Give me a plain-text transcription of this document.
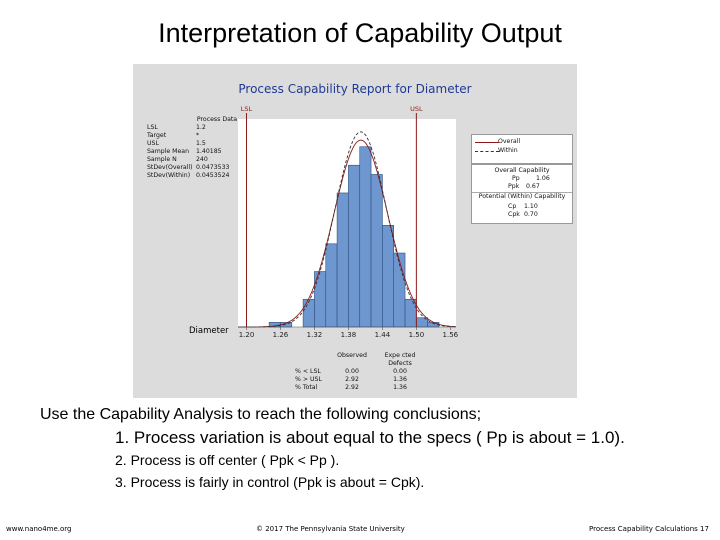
Interpretation of Capability Output
Process Capability Report for Diameter
LSL	USL
1.20	1.26	1.32	1.38	1.44	1.50	1.56
Process Data
LSL	1.2
Target	*
USL	1.5
Sample Mean	1.40185
Sample N	240
StDev(Overall) 0.0473533
StDev(Within) 0.0453524
Overall
Within
Overall Capability
Pp	1.06
Ppk 0.67
Potential (Within) Capability
Cp 1.10
Cpk 0.70
Diameter
Observed	Expe cted Defects
% < LSL	0.00	0.00
% > USL	2.92	1.36
% Total	2.92	1.36

Use the Capability Analysis to reach the following conclusions;

1. Process variation is about equal to the specs ( Pp is about = 1.0).
2. Process is off center ( Ppk < Pp ).
3. Process is fairly in control (Ppk is about = Cpk).
www.nano4me.org	© 2017 The Pennsylvania State University	Process Capability Calculations 17
